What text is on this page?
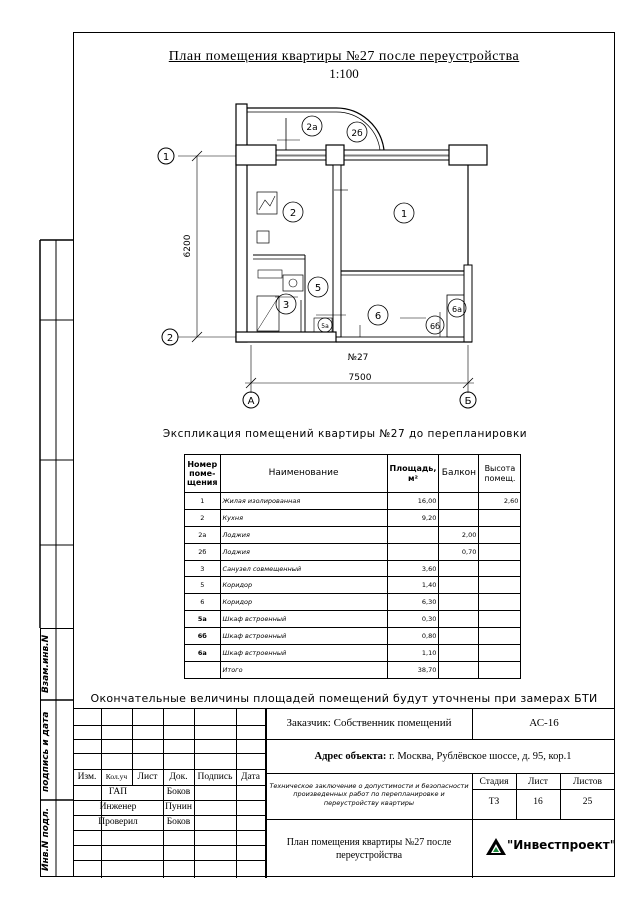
План помещения квартиры №27 после переустройства
1:100
1
2
А	Б
6200
7500
№27
2а
2б
2	1
5
3
5а
6
6а
6б
Экспликация помещений квартиры №27 до перепланировки
Номер поме- щения	Наименование	Площадь, м²	Балкон	Высота помещ.
1	Жилая изолированная	16,00		2,60
2	Кухня	9,20		
2а	Лоджия		2,00	
2б	Лоджия		0,70	
3	Санузел совмещенный	3,60		
5	Коридор	1,40		
6	Коридор	6,30		
5а	Шкаф встроенный	0,30		
6б	Шкаф встроенный	0,80		
6а	Шкаф встроенный	1,10		
	Итого	38,70		
Окончательные величины площадей помещений будут уточнены при замерах БТИ
Взам.инв.N
подпись и дата
Инв.N подл.
Заказчик: Собственник помещений	АС-16
Адрес объекта: г. Москва, Рублёвское шоссе, д. 95, кор.1
Изм.	Кол.уч	Лист	Док.	Подпись Дата
ГАП	Боков
Инженер	Пунин
Проверил	Боков
Техническое заключение о допустимости и безопасности произведенных работ по перепланировке и переустройству квартиры
Стадия	Лист	Листов
ТЗ	16	25
План помещения квартиры №27 после переустройства
"Инвестпроект"
